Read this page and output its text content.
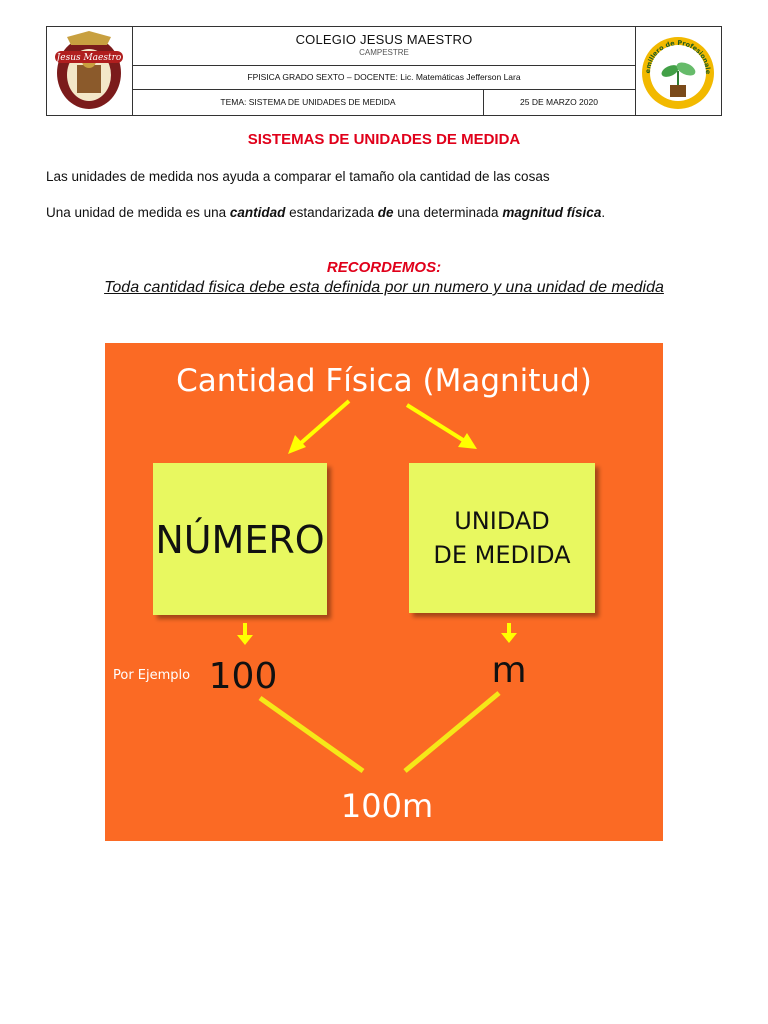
Jesus Maestro
COLEGIO JESUS MAESTRO
CAMPESTRE
FPISICA GRADO SEXTO – DOCENTE: Lic. Matemáticas Jefferson Lara
TEMA: SISTEMA DE UNIDADES DE MEDIDA	25 DE MARZO 2020
emillero de Profesionale
SISTEMAS DE UNIDADES DE MEDIDA
Las unidades de medida nos ayuda a comparar el tamaño ola cantidad de las cosas
Una unidad de medida es una cantidad estandarizada de una determinada magnitud física.
RECORDEMOS:
Toda cantidad fisica debe esta definida por un numero y una unidad de medida
Cantidad Física (Magnitud)
NÚMERO	UNIDAD
DE MEDIDA
Por Ejemplo 100	m
100m
